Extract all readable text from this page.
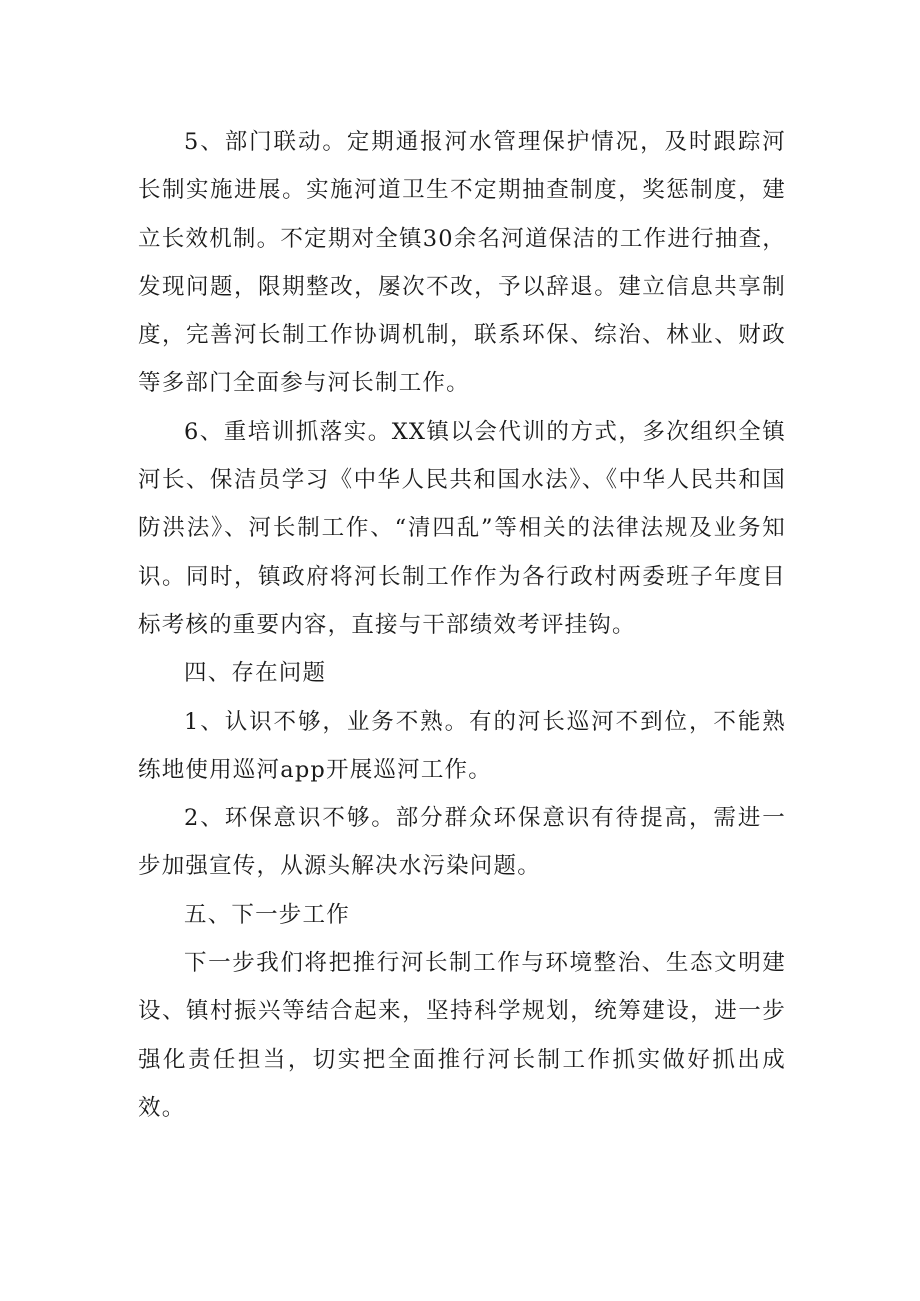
5、部门联动。定期通报河水管理保护情况，及时跟踪河长制实施进展。实施河道卫生不定期抽查制度，奖惩制度，建立长效机制。不定期对全镇30余名河道保洁的工作进行抽查，发现问题，限期整改，屡次不改，予以辞退。建立信息共享制度，完善河长制工作协调机制，联系环保、综治、林业、财政等多部门全面参与河长制工作。

6、重培训抓落实。XX镇以会代训的方式，多次组织全镇河长、保洁员学习《中华人民共和国水法》、《中华人民共和国防洪法》、河长制工作、“清四乱”等相关的法律法规及业务知识。同时，镇政府将河长制工作作为各行政村两委班子年度目标考核的重要内容，直接与干部绩效考评挂钩。

四、存在问题

1、认识不够，业务不熟。有的河长巡河不到位，不能熟练地使用巡河app开展巡河工作。

2、环保意识不够。部分群众环保意识有待提高，需进一步加强宣传，从源头解决水污染问题。

五、下一步工作

下一步我们将把推行河长制工作与环境整治、生态文明建设、镇村振兴等结合起来，坚持科学规划，统筹建设，进一步强化责任担当，切实把全面推行河长制工作抓实做好抓出成效。
